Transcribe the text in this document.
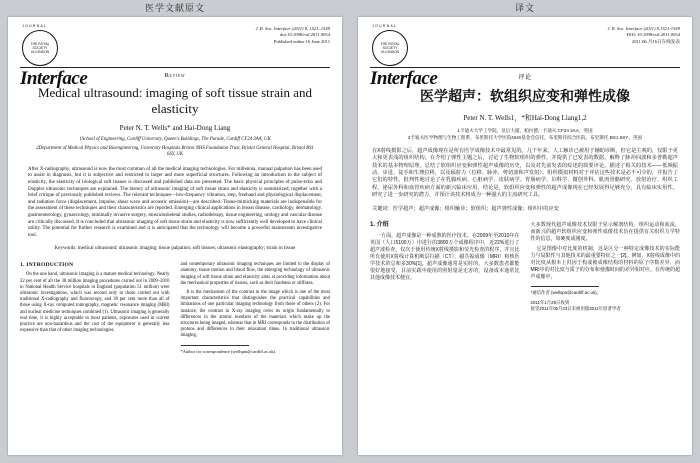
医学文献原文
JOURNAL
THE ROYAL
SOCIETY
of LONDON
Interface
J. R. Soc. Interface (2011) 8, 1521–1549
doi:10.1098/rsif.2011.0054
Published online 16 June 2011
Review
Medical ultrasound: imaging of soft tissue strain and elasticity
Peter N. T. Wells* and Hai-Dong Liang
1School of Engineering, Cardiff University, Queen's Buildings, The Parade, Cardiff CF24 3AA, UK
2Department of Medical Physics and Bioengineering, University Hospitals Bristol NHS Foundation Trust, Bristol General Hospital, Bristol BS1 6SY, UK
After X-radiography, ultrasound is now the most common of all the medical imaging technologies. For millennia, manual palpation has been used to assist in diagnosis, but it is subjective and restricted to larger and more superficial structures. Following an introduction to the subject of elasticity, the elasticity of biological soft tissues is discussed and published data are presented. The basic physical principles of pulse-echo and Doppler ultrasonic techniques are explained. The history of ultrasonic imaging of soft tissue strain and elasticity is summarized, together with a brief critique of previously published reviews. The relevant techniques—low-frequency vibration, step, freehand and physiological displacement, and radiation force (displacement, impulse, shear wave and acoustic emission)—are described. Tissue-mimicking materials are indispensible for the assessment of these techniques and their characteristics are reported. Emerging clinical applications in breast disease, cardiology, dermatology, gastroenterology, gynaecology, minimally invasive surgery, musculoskeletal studies, radiotherapy, tissue engineering, urology and vascular disease are critically discussed. It is concluded that ultrasonic imaging of soft tissue strain and elasticity is now sufficiently well developed to have clinical utility. The potential for further research is examined and it is anticipated that the technology will become a powerful mainstream investigative tool.
Keywords: medical ultrasound; ultrasonic imaging; tissue palpation; soft tissues; ultrasonic elastography; strain in tissue
1. INTRODUCTION

On the one hand, ultrasonic imaging is a mature medical technology. Nearly 22 per cent of all the 38 million imaging procedures carried out in 2009–2010 in National Health Service hospitals in England (population 51 million) were ultrasonic investigations, which was second only to those carried out with traditional X-radiography and fluoroscopy, and 30 per cent more than all of those using X-ray computed tomography, magnetic resonance imaging (MRI) and nuclear medicine techniques combined (1). Ultrasonic imaging is generally real time, it is highly acceptable to most patients, exposures used in current practice are non-hazardous and the cost of the equipment is generally less expensive than that of other imaging technologies.

and contemporary ultrasonic imaging techniques are limited to the display of anatomy, tissue motion and blood flow, the emerging technology of ultrasonic imaging of soft tissue strain and elasticity aims at providing information about the mechanical properties of tissues, such as their hardness or stiffness.

It is the mechanism of the contrast in the image which is one of the most important characteristics that distinguishes the practical capabilities and limitations of one particular imaging technology from those of others (2). For instance, the contrast in X-ray imaging owes its origin fundamentally to differences in the atomic numbers of the materials which make up the structures being imaged, whereas that in MRI corresponds to the distribution of protons and differences in their relaxation times. In traditional ultrasonic imaging,

*Author for correspondence (wellspnt@cardiff.ac.uk).
译文
JOURNAL
THE ROYAL
SOCIETY
of LONDON
Interface
J. R. Soc. Interface (2011) 8,1521-1549
DOI: 10.1098/rsif.2011.0054
2011.06.月16日在线发表
评论
医学超声：软组织应变和弹性成像
Peter N. T. Wells1，*和Hai-Dong Liang1,2
1卡迪夫大学工学院，皇后大厦，帕拉德，卡迪夫 CF24 3AA，英国
2卡迪夫医学物理与生物工程系，布里斯托大学医院NHS基金会信托，布里斯托综合医院，布里斯托 BS1 6SY，英国
在X射线摄影之后，超声成像现在是所有医学成像技术中最常见的。几千年来，人工触诊已被用于辅助诊断，但它是主观的，仅限于更大和更表浅的组织结构。在介绍了弹性主题之后，讨论了生物软组织的弹性，并提供了已发表的数据。解释了脉冲回波和多普勒超声技术的基本物理原理。总结了软组织应变和弹性超声成像的历史，以及对先前发表的综述的简要评论。描述了相关的技术——低频振动、步进、徒手和生理位移，以及辐射力（位移、脉冲、剪切波和声发射）。组织模拟材料对于评估这些技术是必不可少的，并报告了它们的特性。批判性地讨论了在乳腺疾病、心脏病学、皮肤病学、胃肠病学、妇科学、微创外科、肌肉骨骼研究、放射治疗、组织工程、泌尿外科和血管疾病方面的新兴临床应用。结论是，软组织应变和弹性的超声成像现在已经发展得足够充分，具有临床实用性。研究了进一步研究的潜力，并预计该技术将成为一种强大的主流研究工具。
关键词：医学超声；超声成像；组织触诊；软组织；超声弹性成像；组织中的应变
1. 介绍

一方面，超声成像是一种成熟的医疗技术。在2009年至2010年在英国（人口5100万）中进行的3800万个成像程序中，近22%进行了超声波检查，仅次于使用传统X射线摄影和荧光检查的程序，并且比所有使用X射线计算机断层扫描（CT）、磁共振成像（MRI）和核医学技术的总和多30%[1]。超声成像通常是实时的，大多数患者都能很好地接受，目前实践中使用的照射量是无害的，设备成本通常比其他成像技术便宜。

大多数现代超声成像技术仅限于显示解剖结构、组织运动和血流，而新兴的超声软组织应变和弹性成像技术旨在提供有关组织力学特性的信息，如硬度或刚度。

它是图像中对比度的机制，这是区分一种特定成像技术的实际能力与局限性与其他技术的最重要特征之一[2]。例如，X射线成像中的对比度从根本上归因于构成被成像结构的材料的原子序数差异，而MRI中的对比度与质子的分布和弛豫时间的差异相对应。在传统的超声成像中，

*通信作者 (wellspn@cardiff.ac.uk)。
2011年1月29日收到
接受2011年05月23日未被用版2011年原著学者
